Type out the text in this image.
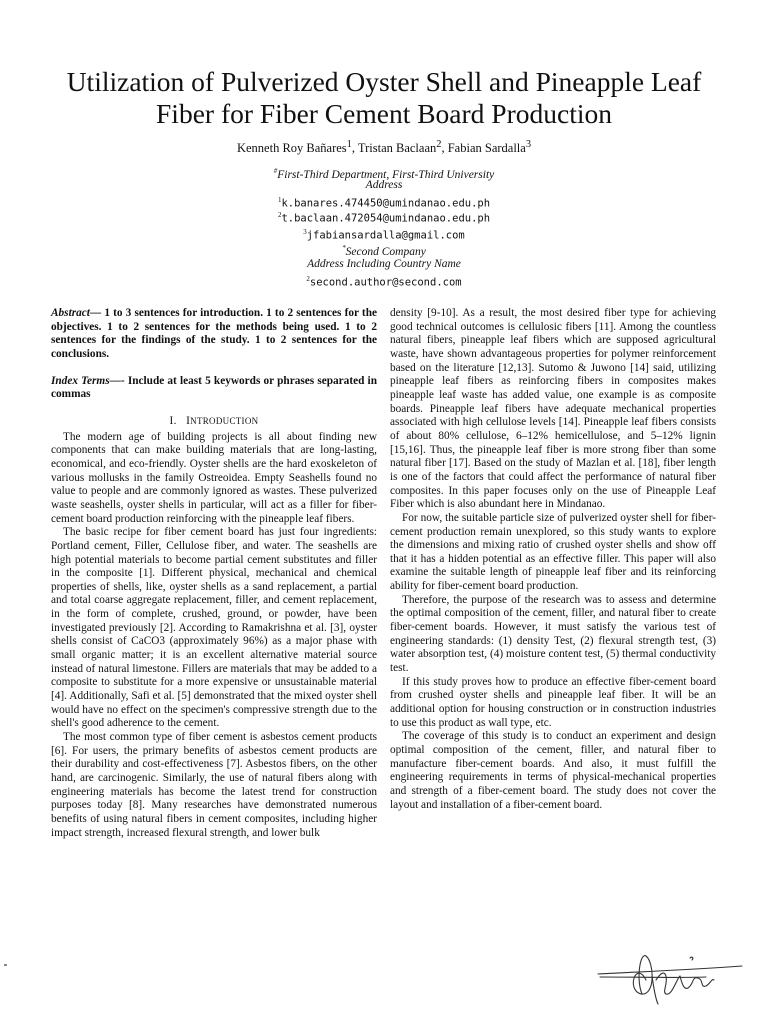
Utilization of Pulverized Oyster Shell and Pineapple Leaf
Fiber for Fiber Cement Board Production
Kenneth Roy Bañares$^1$, Tristan Baclaan$^2$, Fabian Sardalla$^3$
#First-Third Department, First-Third University
Address
$^1$k.banares.474450@umindanao.edu.ph
$^2$t.baclaan.472054@umindanao.edu.ph
$^3$jfabiansardalla@gmail.com
*Second Company
Address Including Country Name
$^2$second.author@second.com

Abstract— 1 to 3 sentences for introduction. 1 to 2 sentences for the objectives. 1 to 2 sentences for the methods being used. 1 to 2 sentences for the findings of the study. 1 to 2 sentences for the conclusions.

Index Terms—- Include at least 5 keywords or phrases separated in commas

I. INTRODUCTION

The modern age of building projects is all about finding new components that can make building materials that are long-lasting, economical, and eco-friendly. Oyster shells are the hard exoskeleton of various mollusks in the family Ostreoidea. Empty Seashells found no value to people and are commonly ignored as wastes. These pulverized waste seashells, oyster shells in particular, will act as a filler for fiber-cement board production reinforcing with the pineapple leaf fibers.

The basic recipe for fiber cement board has just four ingredients: Portland cement, Filler, Cellulose fiber, and water. The seashells are high potential materials to become partial cement substitutes and filler in the composite [1]. Different physical, mechanical and chemical properties of shells, like, oyster shells as a sand replacement, a partial and total coarse aggregate replacement, filler, and cement replacement, in the form of complete, crushed, ground, or powder, have been investigated previously [2]. According to Ramakrishna et al. [3], oyster shells consist of CaCO3 (approximately 96%) as a major phase with small organic matter; it is an excellent alternative material source instead of natural limestone. Fillers are materials that may be added to a composite to substitute for a more expensive or unsustainable material [4]. Additionally, Safi et al. [5] demonstrated that the mixed oyster shell would have no effect on the specimen's compressive strength due to the shell's good adherence to the cement.

The most common type of fiber cement is asbestos cement products [6]. For users, the primary benefits of asbestos cement products are their durability and cost-effectiveness [7]. Asbestos fibers, on the other hand, are carcinogenic. Similarly, the use of natural fibers along with engineering materials has become the latest trend for construction purposes today [8]. Many researches have demonstrated numerous benefits of using natural fibers in cement composites, including higher impact strength, increased flexural strength, and lower bulk

density [9-10]. As a result, the most desired fiber type for achieving good technical outcomes is cellulosic fibers [11]. Among the countless natural fibers, pineapple leaf fibers which are supposed agricultural waste, have shown advantageous properties for polymer reinforcement based on the literature [12,13]. Sutomo & Juwono [14] said, utilizing pineapple leaf fibers as reinforcing fibers in composites makes pineapple leaf waste has added value, one example is as composite boards. Pineapple leaf fibers have adequate mechanical properties associated with high cellulose levels [14]. Pineapple leaf fibers consists of about 80% cellulose, 6–12% hemicellulose, and 5–12% lignin [15,16]. Thus, the pineapple leaf fiber is more strong fiber than some natural fiber [17]. Based on the study of Mazlan et al. [18], fiber length is one of the factors that could affect the performance of natural fiber composites. In this paper focuses only on the use of Pineapple Leaf Fiber which is also abundant here in Mindanao.

For now, the suitable particle size of pulverized oyster shell for fiber-cement production remain unexplored, so this study wants to explore the dimensions and mixing ratio of crushed oyster shells and show off that it has a hidden potential as an effective filler. This paper will also examine the suitable length of pineapple leaf fiber and its reinforcing ability for fiber-cement board production.

Therefore, the purpose of the research was to assess and determine the optimal composition of the cement, filler, and natural fiber to create fiber-cement boards. However, it must satisfy the various test of engineering standards: (1) density Test, (2) flexural strength test, (3) water absorption test, (4) moisture content test, (5) thermal conductivity test.

If this study proves how to produce an effective fiber-cement board from crushed oyster shells and pineapple leaf fiber. It will be an additional option for housing construction or in construction industries to use this product as wall type, etc.

The coverage of this study is to conduct an experiment and design optimal composition of the cement, filler, and natural fiber to manufacture fiber-cement boards. And also, it must fulfill the engineering requirements in terms of physical-mechanical properties and strength of a fiber-cement board. The study does not cover the layout and installation of a fiber-cement board.
